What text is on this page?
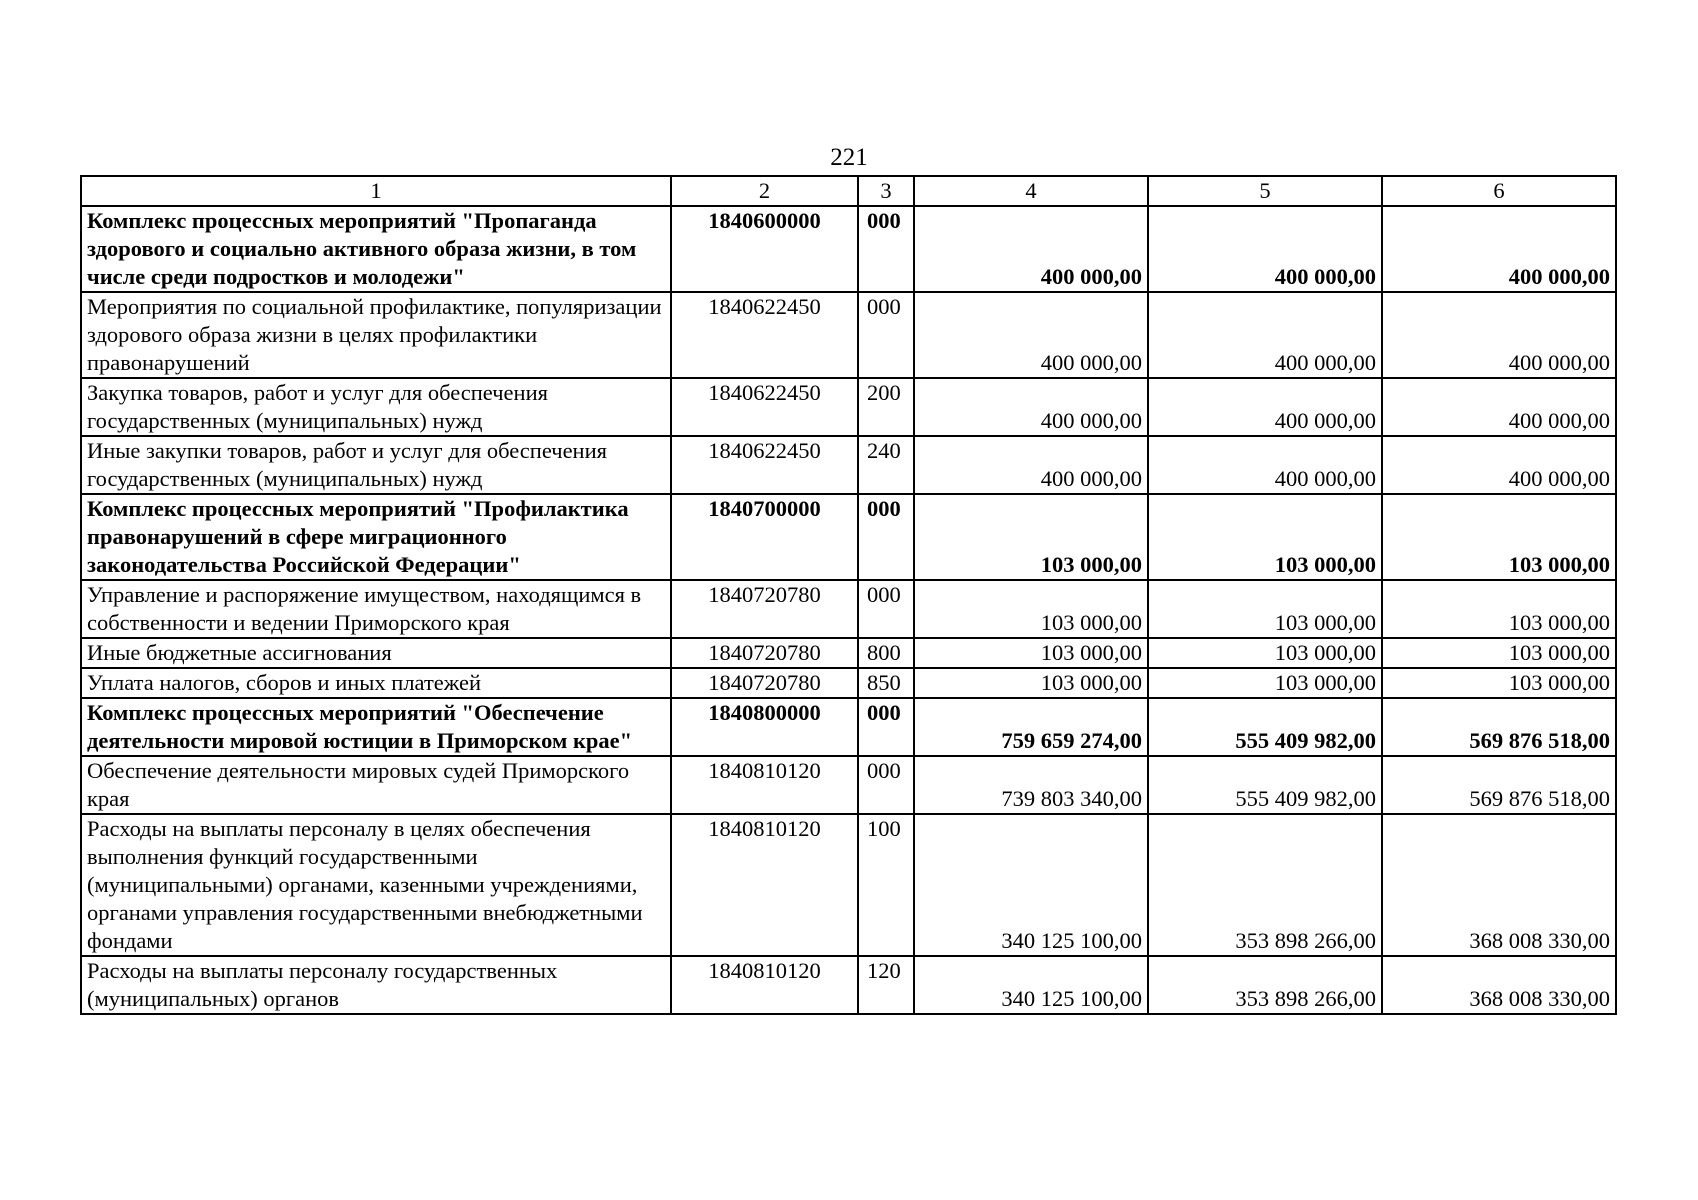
221
1	2	3	4	5	6
Комплекс процессных мероприятий "Пропаганда здорового и социально активного образа жизни, в том числе среди подростков и молодежи"	1840600000	000	400 000,00	400 000,00	400 000,00
Мероприятия по социальной профилактике, популяризации здорового образа жизни в целях профилактики правонарушений	1840622450	000	400 000,00	400 000,00	400 000,00
Закупка товаров, работ и услуг для обеспечения государственных (муниципальных) нужд	1840622450	200	400 000,00	400 000,00	400 000,00
Иные закупки товаров, работ и услуг для обеспечения государственных (муниципальных) нужд	1840622450	240	400 000,00	400 000,00	400 000,00
Комплекс процессных мероприятий "Профилактика правонарушений в сфере миграционного законодательства Российской Федерации"	1840700000	000	103 000,00	103 000,00	103 000,00
Управление и распоряжение имуществом, находящимся в собственности и ведении Приморского края	1840720780	000	103 000,00	103 000,00	103 000,00
Иные бюджетные ассигнования	1840720780	800	103 000,00	103 000,00	103 000,00
Уплата налогов, сборов и иных платежей	1840720780	850	103 000,00	103 000,00	103 000,00
Комплекс процессных мероприятий "Обеспечение деятельности мировой юстиции в Приморском крае"	1840800000	000	759 659 274,00	555 409 982,00	569 876 518,00
Обеспечение деятельности мировых судей Приморского края	1840810120	000	739 803 340,00	555 409 982,00	569 876 518,00
Расходы на выплаты персоналу в целях обеспечения выполнения функций государственными (муниципальными) органами, казенными учреждениями, органами управления государственными внебюджетными фондами	1840810120	100	340 125 100,00	353 898 266,00	368 008 330,00
Расходы на выплаты персоналу государственных (муниципальных) органов	1840810120	120	340 125 100,00	353 898 266,00	368 008 330,00
